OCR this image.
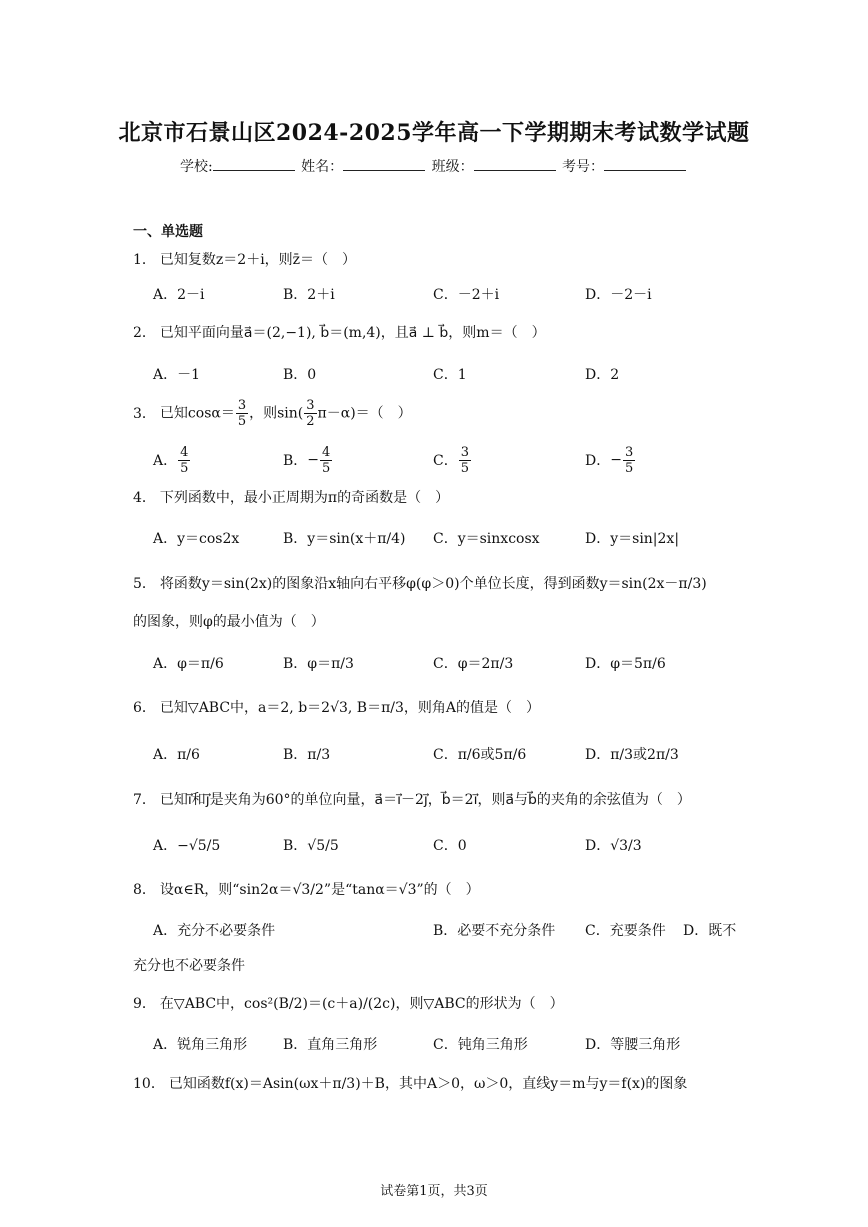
北京市石景山区2024-2025学年高一下学期期末考试数学试题
学校:	姓名：	班级：	考号：
一、单选题
1． 已知复数z＝2＋i，则z̄＝（　）
A．2－i	B．2＋i	C．－2＋i	D．－2－i
2． 已知平面向量a⃗＝(2,−1), b⃗＝(m,4)，且a⃗ ⊥ b⃗，则m＝（　）
A．－1	B．0	C．1	D．2
3． 已知$\cos\alpha= \frac{3}{5}$ ，则$\sin( \frac{3}{2} \pi-\alpha)=$（　）
A． $\frac{4}{5}$	B． − $\frac{4}{5}$	C． $\frac{3}{5}$	D． − $\frac{3}{5}$
4． 下列函数中，最小正周期为π的奇函数是（　）
A．y＝cos2x	B．y＝sin(x＋π/4) C．y＝sinxcosx	D．y＝sin|2x|
5． 将函数y＝sin(2x)的图象沿x轴向右平移φ(φ＞0)个单位长度，得到函数y＝sin(2x－π/3)
的图象，则φ的最小值为（　）
A．φ＝π/6	B．φ＝π/3	C．φ＝2π/3	D．φ＝5π/6
6． 已知▽ABC中，a＝2, b＝2√3, B＝π/3，则角A的值是（　）
A．π/6	B．π/3	C．π/6或5π/6	D．π/3或2π/3
7． 已知i⃗和j⃗是夹角为60°的单位向量，a⃗＝i⃗－2j⃗，b⃗＝2i⃗，则a⃗与b⃗的夹角的余弦值为（　）
A．−√5/5	B．√5/5	C．0	D．√3/3
8． 设α∈R，则“sin2α＝√3/2”是“tanα＝√3”的（　）
A．充分不必要条件	B．必要不充分条件 C．充要条件 D．既不
充分也不必要条件
9． 在▽ABC中，cos²(B/2)＝(c＋a)/(2c)，则▽ABC的形状为（　）
A．锐角三角形	B．直角三角形	C．钝角三角形	D．等腰三角形
10． 已知函数f(x)＝Asin(ωx＋π/3)＋B，其中A＞0，ω＞0，直线y＝m与y＝f(x)的图象
试卷第1页，共3页
